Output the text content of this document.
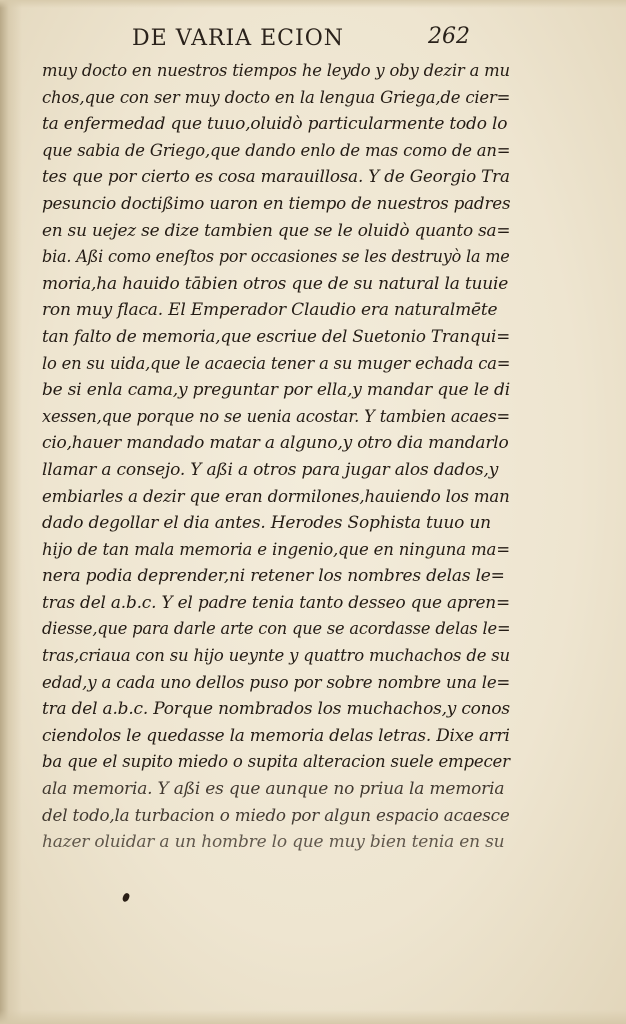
DE VARIA ECION	262
muy docto en nuestros tiempos he leydo y oby dezir a mu
chos,que con ser muy docto en la lengua Griega,de cier=
ta enfermedad que tuuo,oluidò particularmente todo lo
que sabia de Griego,que dando enlo de mas como de an=
tes que por cierto es cosa marauillosa. Y de Georgio Tra
pesuncio doctißimo uaron en tiempo de nuestros padres
en su uejez se dize tambien que se le oluidò quanto sa=
bia. Aßi como eneſtos por occasiones se les destruyò la me
moria,ha hauido tābien otros que de su natural la tuuie
ron muy flaca. El Emperador Claudio era naturalmēte
tan falto de memoria,que escriue del Suetonio Tranqui=
lo en su uida,que le acaecia tener a su muger echada ca=
be si enla cama,y preguntar por ella,y mandar que le di
xessen,que porque no se uenia acostar. Y tambien acaes=
cio,hauer mandado matar a alguno,y otro dia mandarlo
llamar a consejo. Y aßi a otros para jugar alos dados,y
embiarles a dezir que eran dormilones,hauiendo los man
dado degollar el dia antes. Herodes Sophista tuuo un
hijo de tan mala memoria e ingenio,que en ninguna ma=
nera podia deprender,ni retener los nombres delas le=
tras del a.b.c. Y el padre tenia tanto desseo que apren=
diesse,que para darle arte con que se acordasse delas le=
tras,criaua con su hijo ueynte y quattro muchachos de su
edad,y a cada uno dellos puso por sobre nombre una le=
tra del a.b.c. Porque nombrados los muchachos,y conos
ciendolos le quedasse la memoria delas letras. Dixe arri
ba que el supito miedo o supita alteracion suele empecer
ala memoria. Y aßi es que aunque no priua la memoria
del todo,la turbacion o miedo por algun espacio acaesce
hazer oluidar a un hombre lo que muy bien tenia en su
